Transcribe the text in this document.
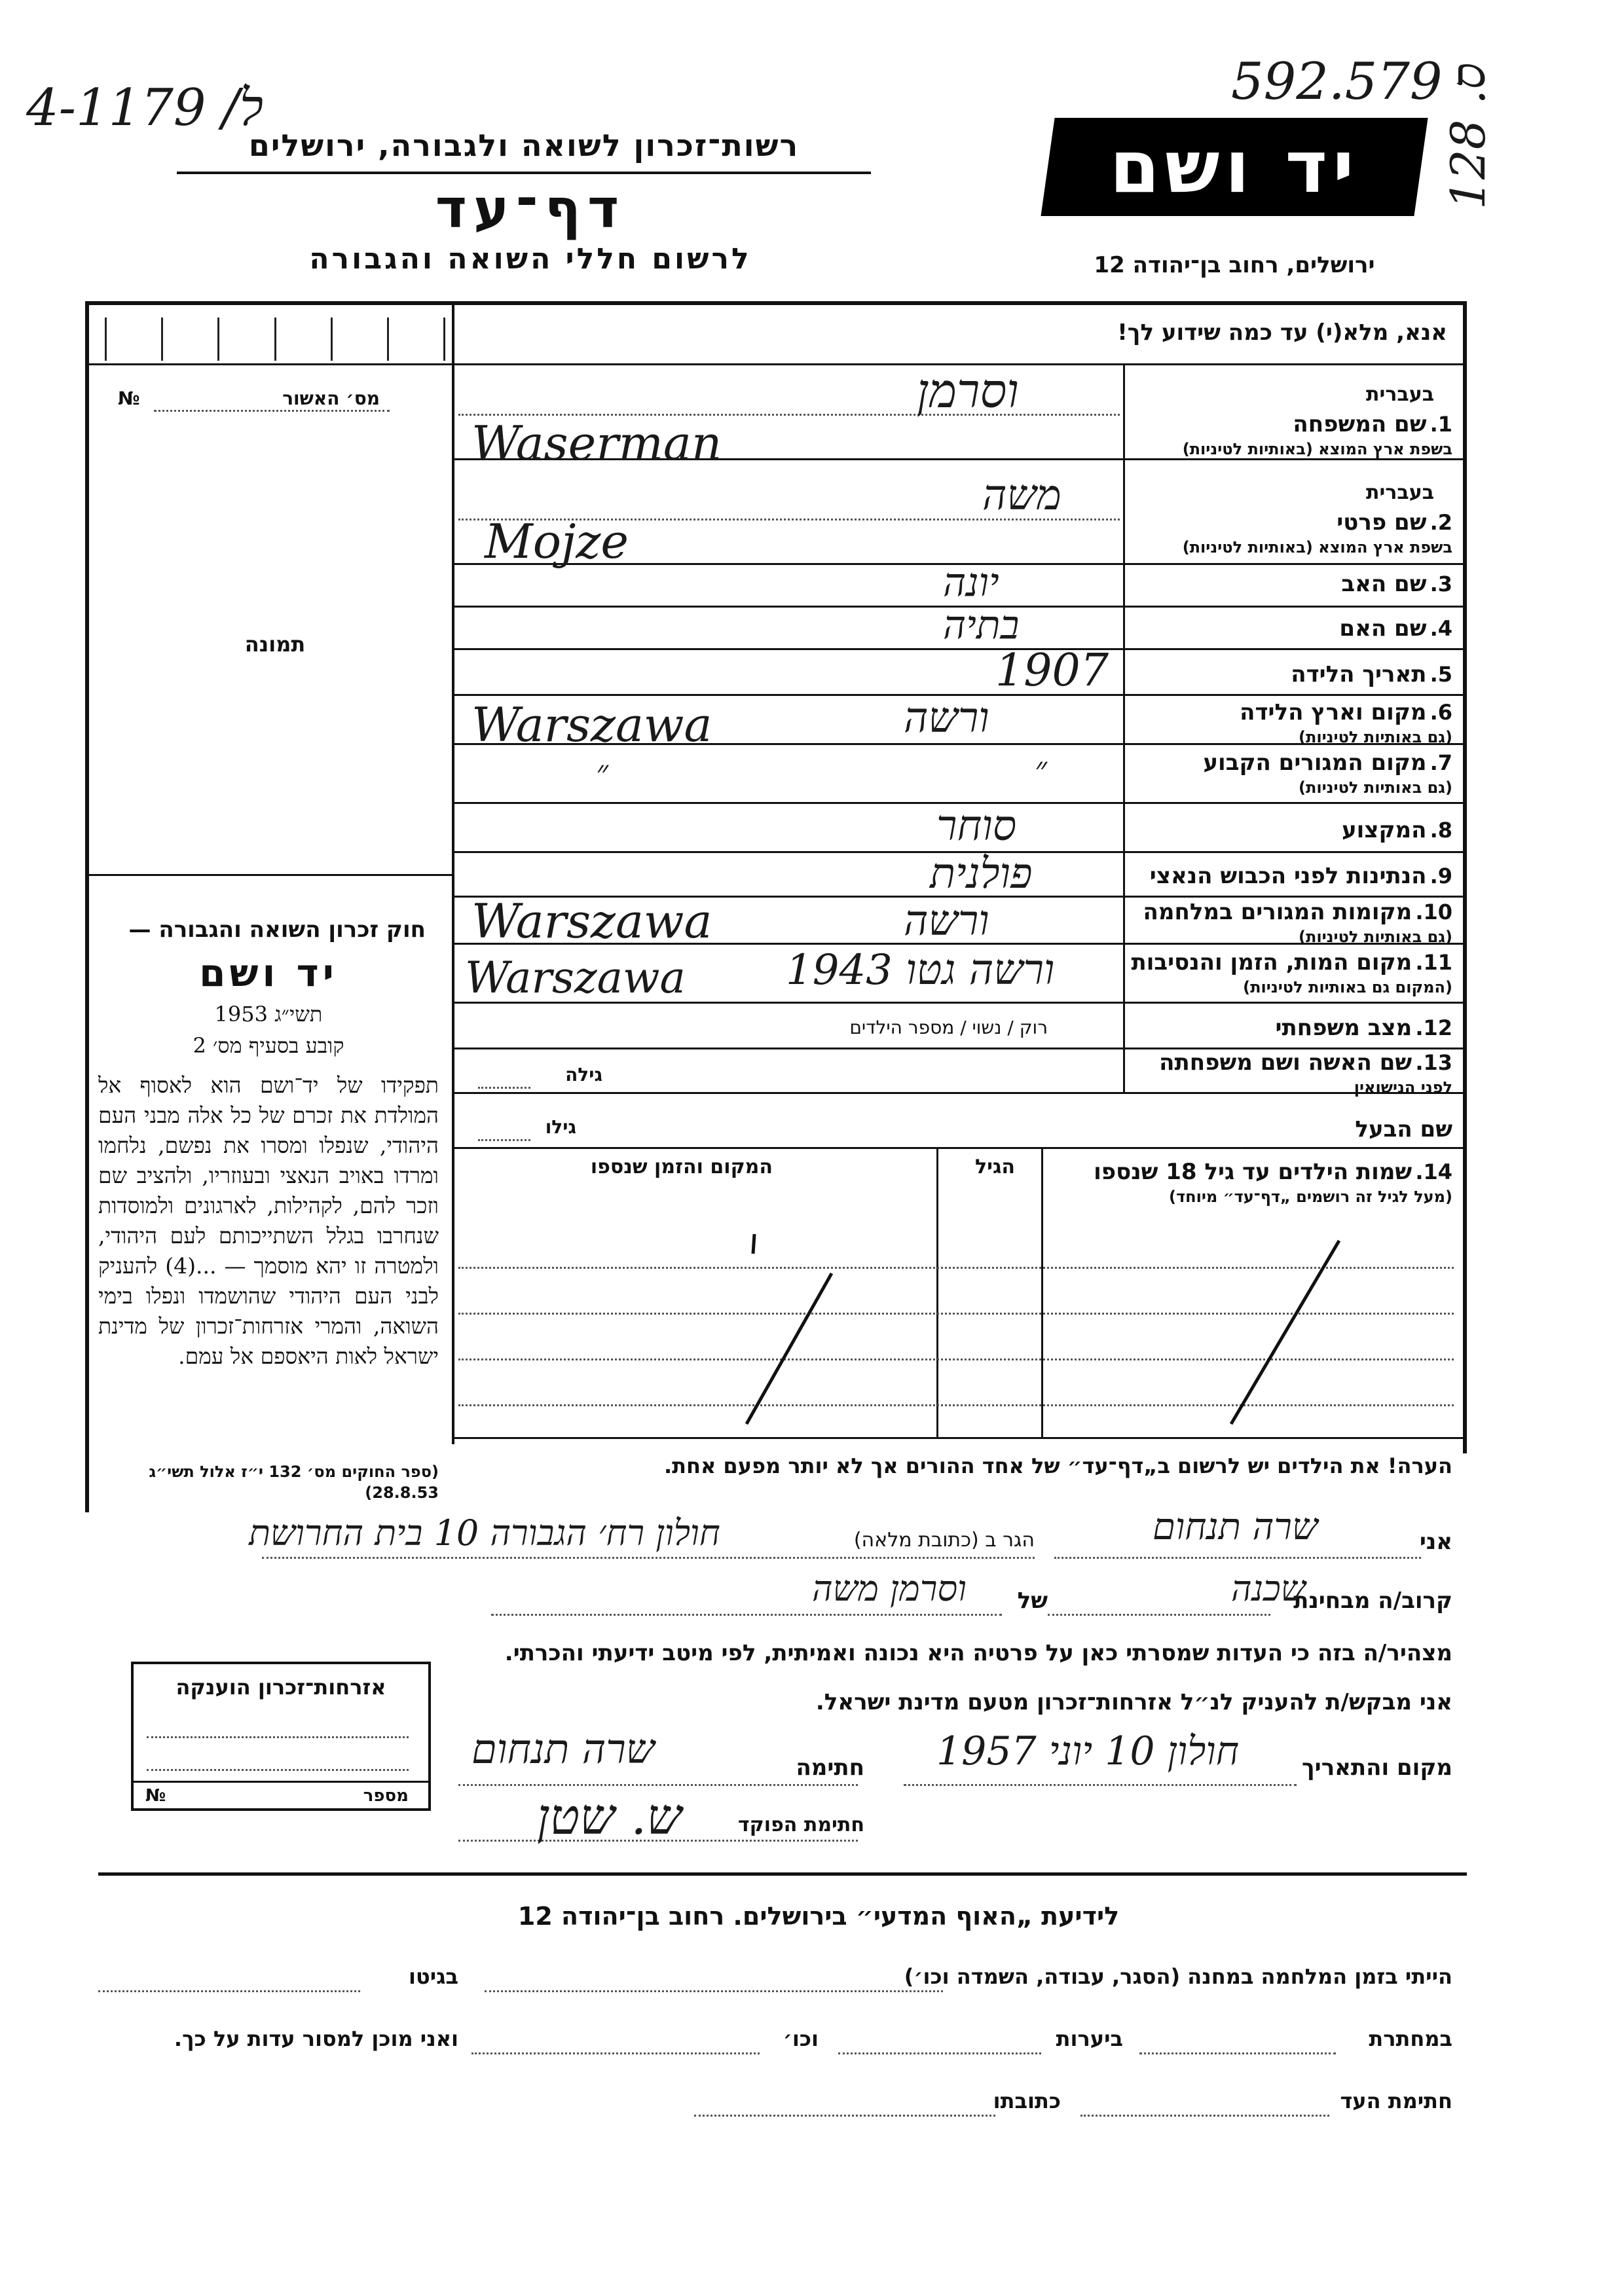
4-1179 /ל	592.579
ס. 128
רשות־זכרון לשואה ולגבורה, ירושלים
דף־עד
לרשום חללי השואה והגבורה
יד ושם
ירושלים, רחוב בן־יהודה 12
אנא, מלא(י) עד כמה שידוע לך!
מס׳ האשור
№
תמונה
בעברית
1. שם המשפחה
בשפת ארץ המוצא (באותיות לטיניות)
וסרמן
Waserman
בעברית
2. שם פרטי
בשפת ארץ המוצא (באותיות לטיניות)
משה
Mojze
3. שם האב
יונה
4. שם האם
בתיה
5. תאריך הלידה
1907
6. מקום וארץ הלידה
(גם באותיות לטיניות)
Warszawa	ורשה
7. מקום המגורים הקבוע
(גם באותיות לטיניות)
״	״
8. המקצוע
סוחר
9. הנתינות לפני הכבוש הנאצי
פולנית
10. מקומות המגורים במלחמה
(גם באותיות לטיניות)
Warszawa	ורשה
11. מקום המות, הזמן והנסיבות
(המקום גם באותיות לטיניות)
Warszawa 1943 ורשה גטו
12. מצב משפחתי
רוק / נשוי / מספר הילדים
13. שם האשה ושם משפחתה
לפני הנישואין
גילה
שם הבעל
גילו
14. שמות הילדים עד גיל 18 שנספו
(מעל לגיל זה רושמים „דף־עד״ מיוחד)
הגיל
המקום והזמן שנספו
הערה! את הילדים יש לרשום ב„דף־עד״ של אחד ההורים אך לא יותר מפעם אחת.
חוק זכרון השואה והגבורה —
יד ושם
תשי״ג 1953
קובע בסעיף מס׳ 2
תפקידו של יד־ושם הוא לאסוף אל המולדת את זכרם של כל אלה מבני העם היהודי, שנפלו ומסרו את נפשם, נלחמו ומרדו באויב הנאצי ובעוזריו, ולהציב שם וזכר להם, לקהילות, לארגונים ולמוסדות שנחרבו בגלל השתייכותם לעם היהודי, ולמטרה זו יהא מוסמך — ...(4) להעניק לבני העם היהודי שהושמדו ונפלו בימי השואה, והמרי אזרחות־זכרון של מדינת ישראל לאות היאספם אל עמם.
(ספר החוקים מס׳ 132 י״ז אלול תשי״ג 28.8.53)
אני
שרה תנחום
הגר ב (כתובת מלאה)
חולון רח׳ הגבורה 10 בית החרושת
קרוב/ה מבחינת
שכנה
של
וסרמן משה
מצהיר/ה בזה כי העדות שמסרתי כאן על פרטיה היא נכונה ואמיתית, לפי מיטב ידיעתי והכרתי.
אני מבקש/ת להעניק לנ״ל אזרחות־זכרון מטעם מדינת ישראל.
מקום והתאריך
חולון 10 יוני 1957
חתימה
שרה תנחום
חתימת הפוקד
ש. שטן
אזרחות־זכרון הוענקה
מספר
№
לידיעת „האוף המדעי״ בירושלים. רחוב בן־יהודה 12
הייתי בזמן המלחמה במחנה (הסגר, עבודה, השמדה וכו׳)
בגיטו
במחתרת
ביערות
וכו׳
ואני מוכן למסור עדות על כך.
חתימת העד
כתובתו
